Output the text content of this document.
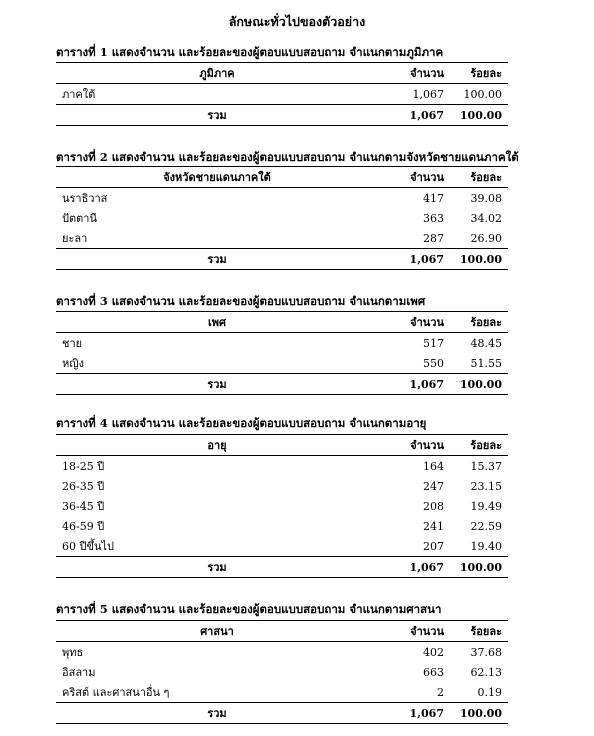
ลักษณะทั่วไปของตัวอย่าง
ตารางที่ 1 แสดงจำนวน และร้อยละของผู้ตอบแบบสอบถาม จำแนกตามภูมิภาค
ภูมิภาค	จำนวน	ร้อยละ
ภาคใต้	1,067	100.00
รวม	1,067	100.00
ตารางที่ 2 แสดงจำนวน และร้อยละของผู้ตอบแบบสอบถาม จำแนกตามจังหวัดชายแดนภาคใต้
จังหวัดชายแดนภาคใต้	จำนวน	ร้อยละ
นราธิวาส	417	39.08
ปัตตานี	363	34.02
ยะลา	287	26.90
รวม	1,067	100.00
ตารางที่ 3 แสดงจำนวน และร้อยละของผู้ตอบแบบสอบถาม จำแนกตามเพศ
เพศ	จำนวน	ร้อยละ
ชาย	517	48.45
หญิง	550	51.55
รวม	1,067	100.00
ตารางที่ 4 แสดงจำนวน และร้อยละของผู้ตอบแบบสอบถาม จำแนกตามอายุ
อายุ	จำนวน	ร้อยละ
18-25 ปี	164	15.37
26-35 ปี	247	23.15
36-45 ปี	208	19.49
46-59 ปี	241	22.59
60 ปีขึ้นไป	207	19.40
รวม	1,067	100.00
ตารางที่ 5 แสดงจำนวน และร้อยละของผู้ตอบแบบสอบถาม จำแนกตามศาสนา
ศาสนา	จำนวน	ร้อยละ
พุทธ	402	37.68
อิสลาม	663	62.13
คริสต์ และศาสนาอื่น ๆ	2	0.19
รวม	1,067	100.00
